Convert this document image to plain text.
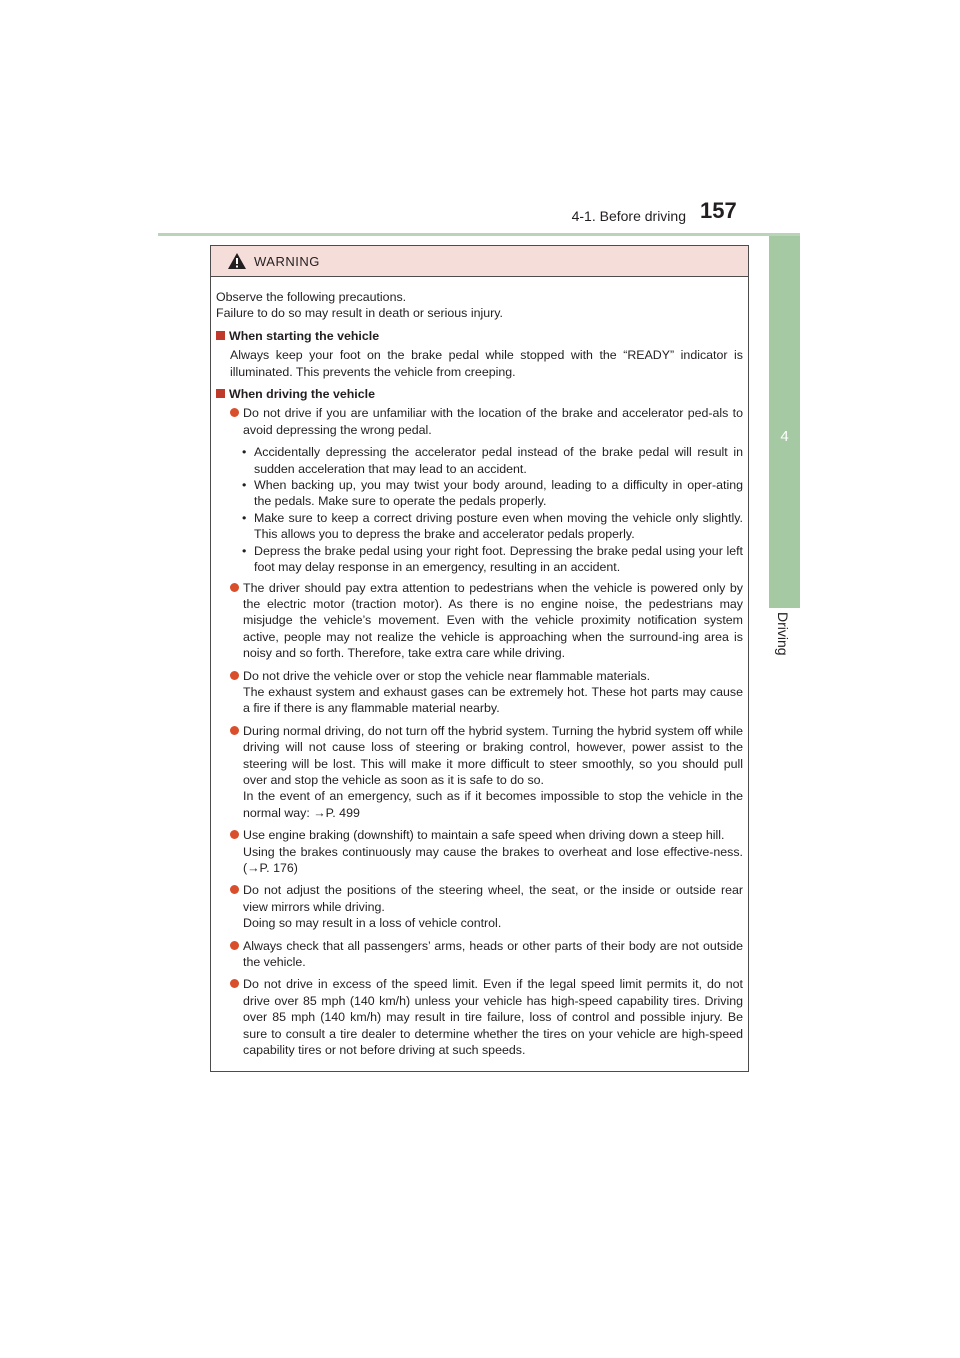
4-1. Before driving 157
4
Driving
WARNING

Observe the following precautions.

Failure to do so may result in death or serious injury.

When starting the vehicle

Always keep your foot on the brake pedal while stopped with the “READY” indicator is illuminated. This prevents the vehicle from creeping.

When driving the vehicle
Do not drive if you are unfamiliar with the location of the brake and accelerator ped-als to avoid depressing the wrong pedal.
• Accidentally depressing the accelerator pedal instead of the brake pedal will result in sudden acceleration that may lead to an accident.
• When backing up, you may twist your body around, leading to a difficulty in oper-ating the pedals. Make sure to operate the pedals properly.
• Make sure to keep a correct driving posture even when moving the vehicle only slightly. This allows you to depress the brake and accelerator pedals properly.
• Depress the brake pedal using your right foot. Depressing the brake pedal using your left foot may delay response in an emergency, resulting in an accident.
The driver should pay extra attention to pedestrians when the vehicle is powered only by the electric motor (traction motor). As there is no engine noise, the pedestrians may misjudge the vehicle’s movement. Even with the vehicle proximity notification system active, people may not realize the vehicle is approaching when the surround-ing area is noisy and so forth. Therefore, take extra care while driving.
Do not drive the vehicle over or stop the vehicle near flammable materials.
The exhaust system and exhaust gases can be extremely hot. These hot parts may cause a fire if there is any flammable material nearby.
During normal driving, do not turn off the hybrid system. Turning the hybrid system off while driving will not cause loss of steering or braking control, however, power assist to the steering will be lost. This will make it more difficult to steer smoothly, so you should pull over and stop the vehicle as soon as it is safe to do so.
In the event of an emergency, such as if it becomes impossible to stop the vehicle in the normal way: →P. 499
Use engine braking (downshift) to maintain a safe speed when driving down a steep hill.
Using the brakes continuously may cause the brakes to overheat and lose effective-ness. (→P. 176)
Do not adjust the positions of the steering wheel, the seat, or the inside or outside rear view mirrors while driving.
Doing so may result in a loss of vehicle control.
Always check that all passengers’ arms, heads or other parts of their body are not outside the vehicle.
Do not drive in excess of the speed limit. Even if the legal speed limit permits it, do not drive over 85 mph (140 km/h) unless your vehicle has high-speed capability tires. Driving over 85 mph (140 km/h) may result in tire failure, loss of control and possible injury. Be sure to consult a tire dealer to determine whether the tires on your vehicle are high-speed capability tires or not before driving at such speeds.
